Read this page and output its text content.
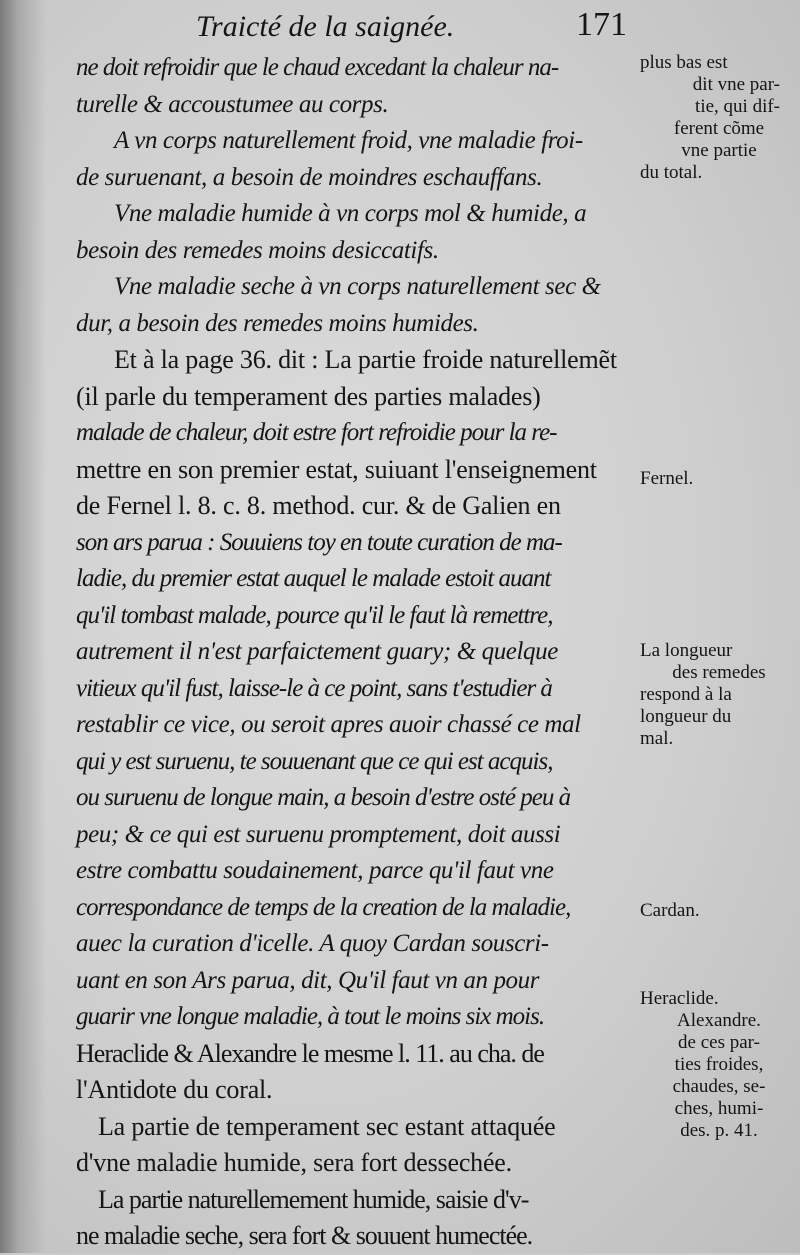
Traicté de la saignée.	171
ne doit refroidir que le chaud excedant la chaleur na-
turelle & accoustumee au corps.
A vn corps naturellement froid, vne maladie froi-
de suruenant, a besoin de moindres eschauffans.
Vne maladie humide à vn corps mol & humide, a
besoin des remedes moins desiccatifs.
Vne maladie seche à vn corps naturellement sec &
dur, a besoin des remedes moins humides.
Et à la page 36. dit : La partie froide naturellemẽt
(il parle du temperament des parties malades)
malade de chaleur, doit estre fort refroidie pour la re-
mettre en son premier estat, suiuant l'enseignement
de Fernel l. 8. c. 8. method. cur. & de Galien en
son ars parua : Souuiens toy en toute curation de ma-
ladie, du premier estat auquel le malade estoit auant
qu'il tombast malade, pource qu'il le faut là remettre,
autrement il n'est parfaictement guary; & quelque
vitieux qu'il fust, laisse-le à ce point, sans t'estudier à
restablir ce vice, ou seroit apres auoir chassé ce mal
qui y est suruenu, te souuenant que ce qui est acquis,
ou suruenu de longue main, a besoin d'estre osté peu à
peu; & ce qui est suruenu promptement, doit aussi
estre combattu soudainement, parce qu'il faut vne
correspondance de temps de la creation de la maladie,
auec la curation d'icelle. A quoy Cardan souscri-
uant en son Ars parua, dit, Qu'il faut vn an pour
guarir vne longue maladie, à tout le moins six mois.
Heraclide & Alexandre le mesme l. 11. au cha. de
l'Antidote du coral.
La partie de temperament sec estant attaquée
d'vne maladie humide, sera fort dessechée.
La partie naturellemement humide, saisie d'v-
ne maladie seche, sera fort & souuent humectée.
plus bas est
dit vne par-
tie, qui dif-
ferent cõme
vne partie
du total.
Fernel.
La longueur
des remedes
respond à la
longueur du
mal.
Cardan.
Heraclide.
Alexandre.
de ces par-
ties froides,
chaudes, se-
ches, humi-
des. p. 41.
